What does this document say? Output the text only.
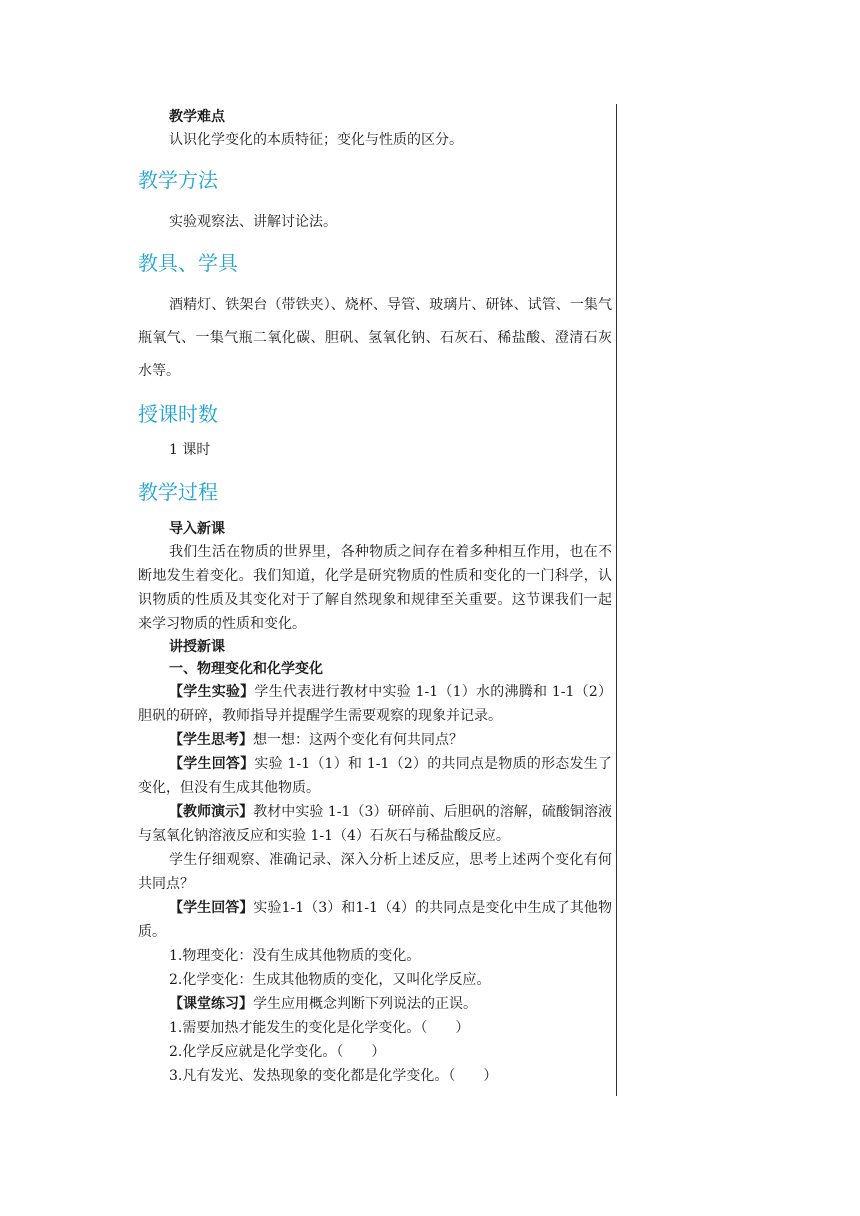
教学难点

认识化学变化的本质特征；变化与性质的区分。

教学方法

实验观察法、讲解讨论法。

教具、学具

酒精灯、铁架台（带铁夹）、烧杯、导管、玻璃片、研钵、试管、一集气瓶氧气、一集气瓶二氧化碳、胆矾、氢氧化钠、石灰石、稀盐酸、澄清石灰水等。

授课时数

1 课时

教学过程
导入新课

我们生活在物质的世界里，各种物质之间存在着多种相互作用，也在不断地发生着变化。我们知道，化学是研究物质的性质和变化的一门科学，认识物质的性质及其变化对于了解自然现象和规律至关重要。这节课我们一起来学习物质的性质和变化。

讲授新课
一、物理变化和化学变化

【学生实验】学生代表进行教材中实验 1-1（1）水的沸腾和 1-1（2）胆矾的研碎，教师指导并提醒学生需要观察的现象并记录。

【学生思考】想一想：这两个变化有何共同点？

【学生回答】实验 1-1（1）和 1-1（2）的共同点是物质的形态发生了变化，但没有生成其他物质。

【教师演示】教材中实验 1-1（3）研碎前、后胆矾的溶解，硫酸铜溶液与氢氧化钠溶液反应和实验 1-1（4）石灰石与稀盐酸反应。

学生仔细观察、准确记录、深入分析上述反应，思考上述两个变化有何共同点？

【学生回答】实验1-1（3）和1-1（4）的共同点是变化中生成了其他物质。

1.物理变化：没有生成其他物质的变化。

2.化学变化：生成其他物质的变化，又叫化学反应。

【课堂练习】学生应用概念判断下列说法的正误。

1.需要加热才能发生的变化是化学变化。（　　）

2.化学反应就是化学变化。（　　）

3.凡有发光、发热现象的变化都是化学变化。（　　）
